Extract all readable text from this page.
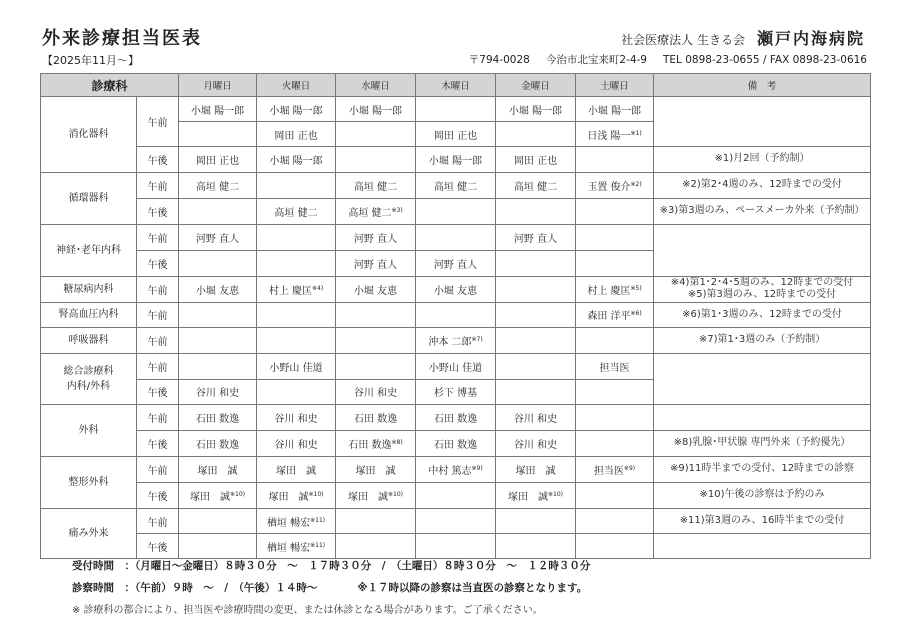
外来診療担当医表
【2025年11月～】
社会医療法人 生きる会 瀬戸内海病院
〒794-0028 今治市北宝来町2-4-9 TEL 0898-23-0655 / FAX 0898-23-0616
診療科		月曜日	火曜日	水曜日	木曜日	金曜日	土曜日	備　考

消化器科	午前	小堀 陽一郎	小堀 陽一郎	小堀 陽一郎		小堀 陽一郎	小堀 陽一郎	
			岡田 正也		岡田 正也		日浅 陽一$^{※1)}$
	午後	岡田 正也	小堀 陽一郎		小堀 陽一郎	岡田 正也		※1)月2回（予約制）

循環器科	午前	高垣 健二		高垣 健二	高垣 健二	高垣 健二	玉置 俊介$^{※2)}$	※2)第2･4週のみ、12時までの受付

	午後		高垣 健二	高垣 健二$^{※3)}$				※3)第3週のみ、ペースメーカ外来（予約制）

神経･老年内科	午前	河野 直人		河野 直人		河野 直人		
	午後			河野 直人	河野 直人			

糖尿病内科	午前	小堀 友恵	村上 慶匡$^{※4)}$	小堀 友恵	小堀 友恵		村上 慶匡$^{※5)}$	※4)第1･2･4･5週のみ、12時までの受付
※5)第3週のみ、12時までの受付

腎高血圧内科	午前						森田 洋平$^{※6)}$	※6)第1･3週のみ、12時までの受付

呼吸器科	午前				沖本 二郎$^{※7)}$			※7)第1･3週のみ（予約制）

総合診療科
内科/外科	午前		小野山 佳道		小野山 佳道		担当医	
	午後	谷川 和史		谷川 和史	杉下 博基			

外科	午前	石田 数逸	谷川 和史	石田 数逸	石田 数逸	谷川 和史		
	午後	石田 数逸	谷川 和史	石田 数逸$^{※8)}$	石田 数逸	谷川 和史		※8)乳腺･甲状腺 専門外来（予約優先）

整形外科	午前	塚田　誠	塚田　誠	塚田　誠	中村 篤志$^{※9)}$	塚田　誠	担当医$^{※9)}$	※9)11時半までの受付、12時までの診察

	午後	塚田　誠$^{※10)}$	塚田　誠$^{※10)}$	塚田　誠$^{※10)}$		塚田　誠$^{※10)}$		※10)午後の診察は予約のみ

痛み外来	午前		楢垣 暢宏$^{※11)}$					※11)第3週のみ、16時半までの受付

	午後		楢垣 暢宏$^{※11)}$					
受付時間　：（月曜日～金曜日）８時３０分　～　１７時３０分　/　（土曜日）８時３０分　～　１２時３０分
診察時間　：（午前）９時　～　/　（午後）１４時～	※１７時以降の診察は当直医の診察となります。
※ 診療科の都合により、担当医や診療時間の変更、または休診となる場合があります。ご了承ください。
